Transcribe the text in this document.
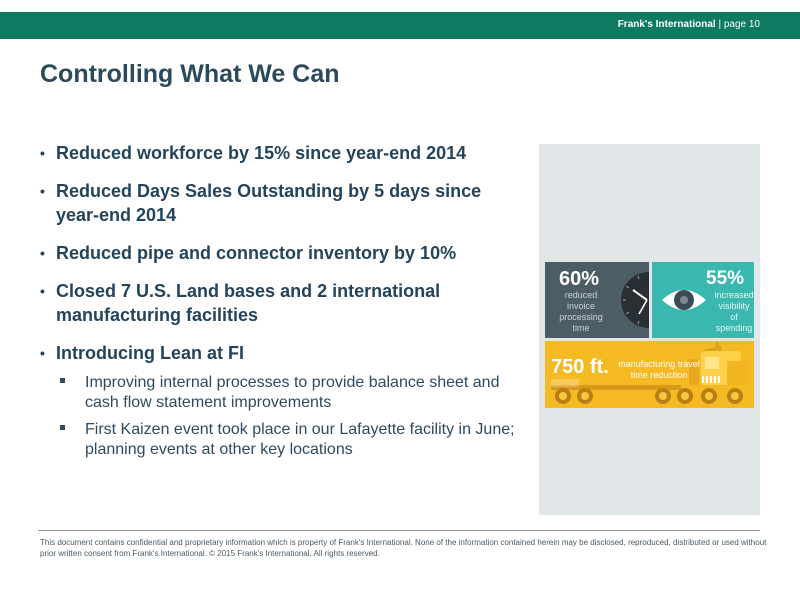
Frank's International | page 10
Controlling What We Can
• Reduced workforce by 15% since year-end 2014
• Reduced Days Sales Outstanding by 5 days since year-end 2014
• Reduced pipe and connector inventory by 10%
• Closed 7 U.S. Land bases and 2 international manufacturing facilities
• Introducing Lean at FI
Improving internal processes to provide balance sheet and cash flow statement improvements
First Kaizen event took place in our Lafayette facility in June; planning events at other key locations
60%
reduced
invoice
processing
time
55%
increased
visibility
of
spending
750 ft.	manufacturing travel
time reduction
This document contains confidential and proprietary information which is property of Frank's International. None of the information contained herein may be disclosed, reproduced, distributed or used without prior written consent from Frank's International. © 2015 Frank's International. All rights reserved.
